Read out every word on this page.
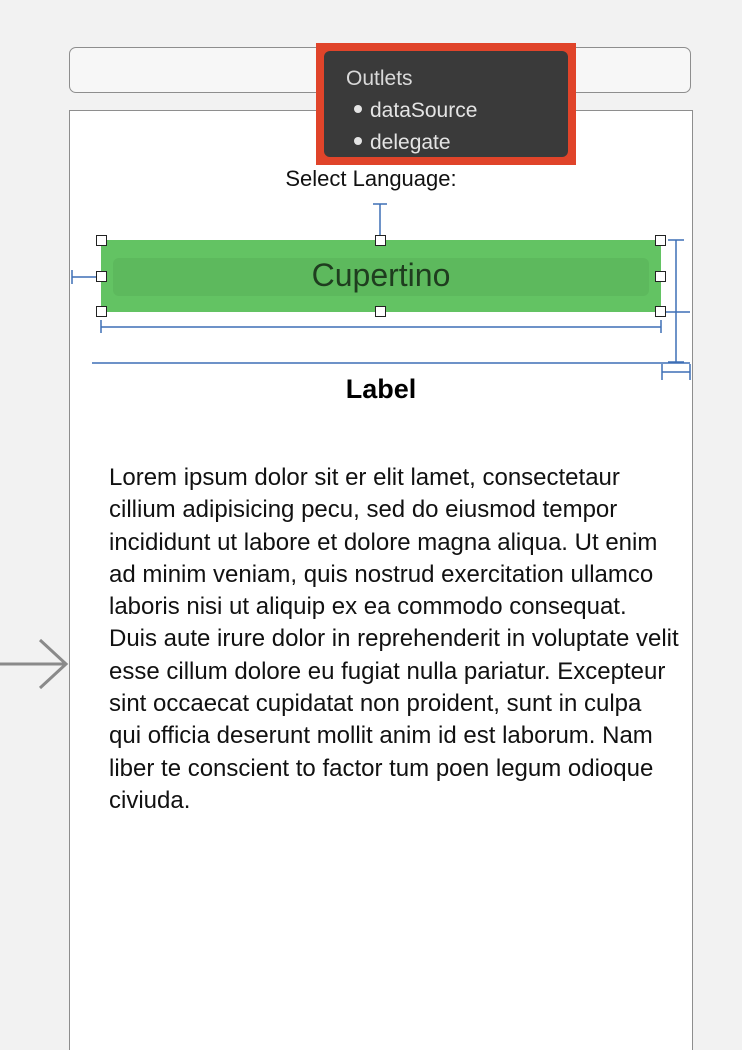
Select Language:
Cupertino
Label
Lorem ipsum dolor sit er elit lamet, consectetaur cillium adipisicing pecu, sed do eiusmod tempor incididunt ut labore et dolore magna aliqua. Ut enim ad minim veniam, quis nostrud exercitation ullamco laboris nisi ut aliquip ex ea commodo consequat. Duis aute irure dolor in reprehenderit in voluptate velit esse cillum dolore eu fugiat nulla pariatur. Excepteur sint occaecat cupidatat non proident, sunt in culpa qui officia deserunt mollit anim id est laborum. Nam liber te conscient to factor tum poen legum odioque civiuda.
Outlets
dataSource
delegate
